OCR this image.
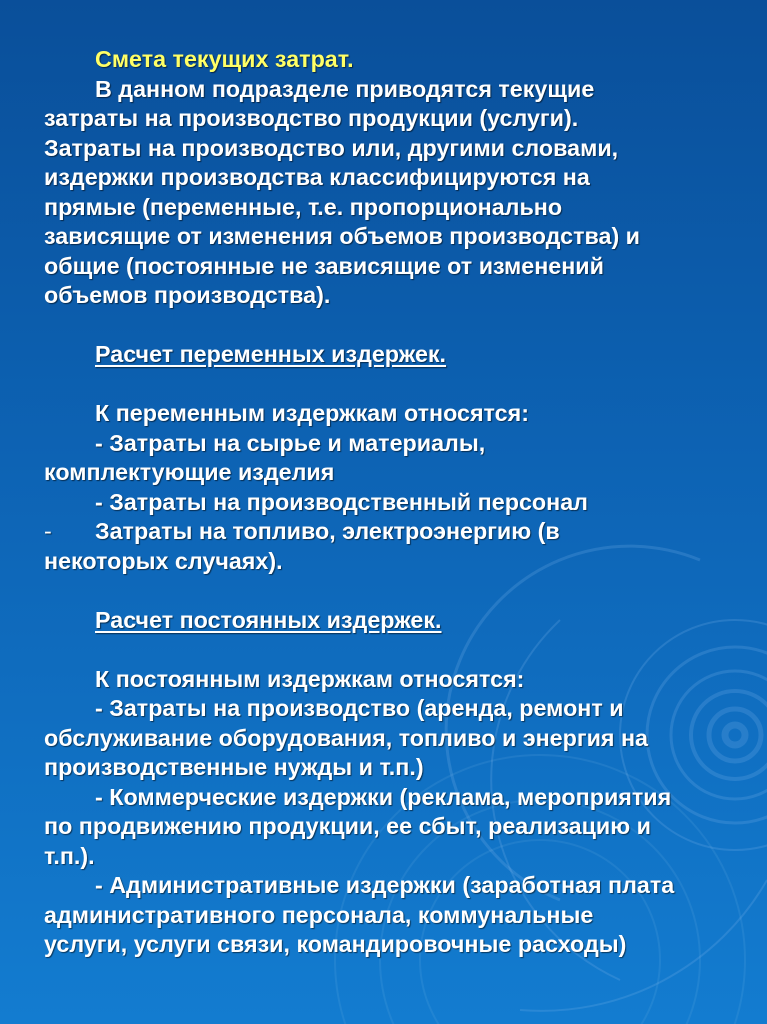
Смета текущих затрат.
В данном подразделе приводятся текущие
затраты на производство продукции (услуги).
Затраты на производство или, другими словами,
издержки производства классифицируются на
прямые (переменные, т.е. пропорционально
зависящие от изменения объемов производства) и
общие (постоянные не зависящие от изменений
объемов производства).
Расчет переменных издержек.
К переменным издержкам относятся:
- Затраты на сырье и материалы,
комплектующие изделия
- Затраты на производственный персонал
-	Затраты на топливо, электроэнергию (в
некоторых случаях).
Расчет постоянных издержек.
К постоянным издержкам относятся:
- Затраты на производство (аренда, ремонт и
обслуживание оборудования, топливо и энергия на
производственные нужды и т.п.)
- Коммерческие издержки (реклама, мероприятия
по продвижению продукции, ее сбыт, реализацию и
т.п.).
- Административные издержки (заработная плата
административного персонала, коммунальные
услуги, услуги связи, командировочные расходы)
